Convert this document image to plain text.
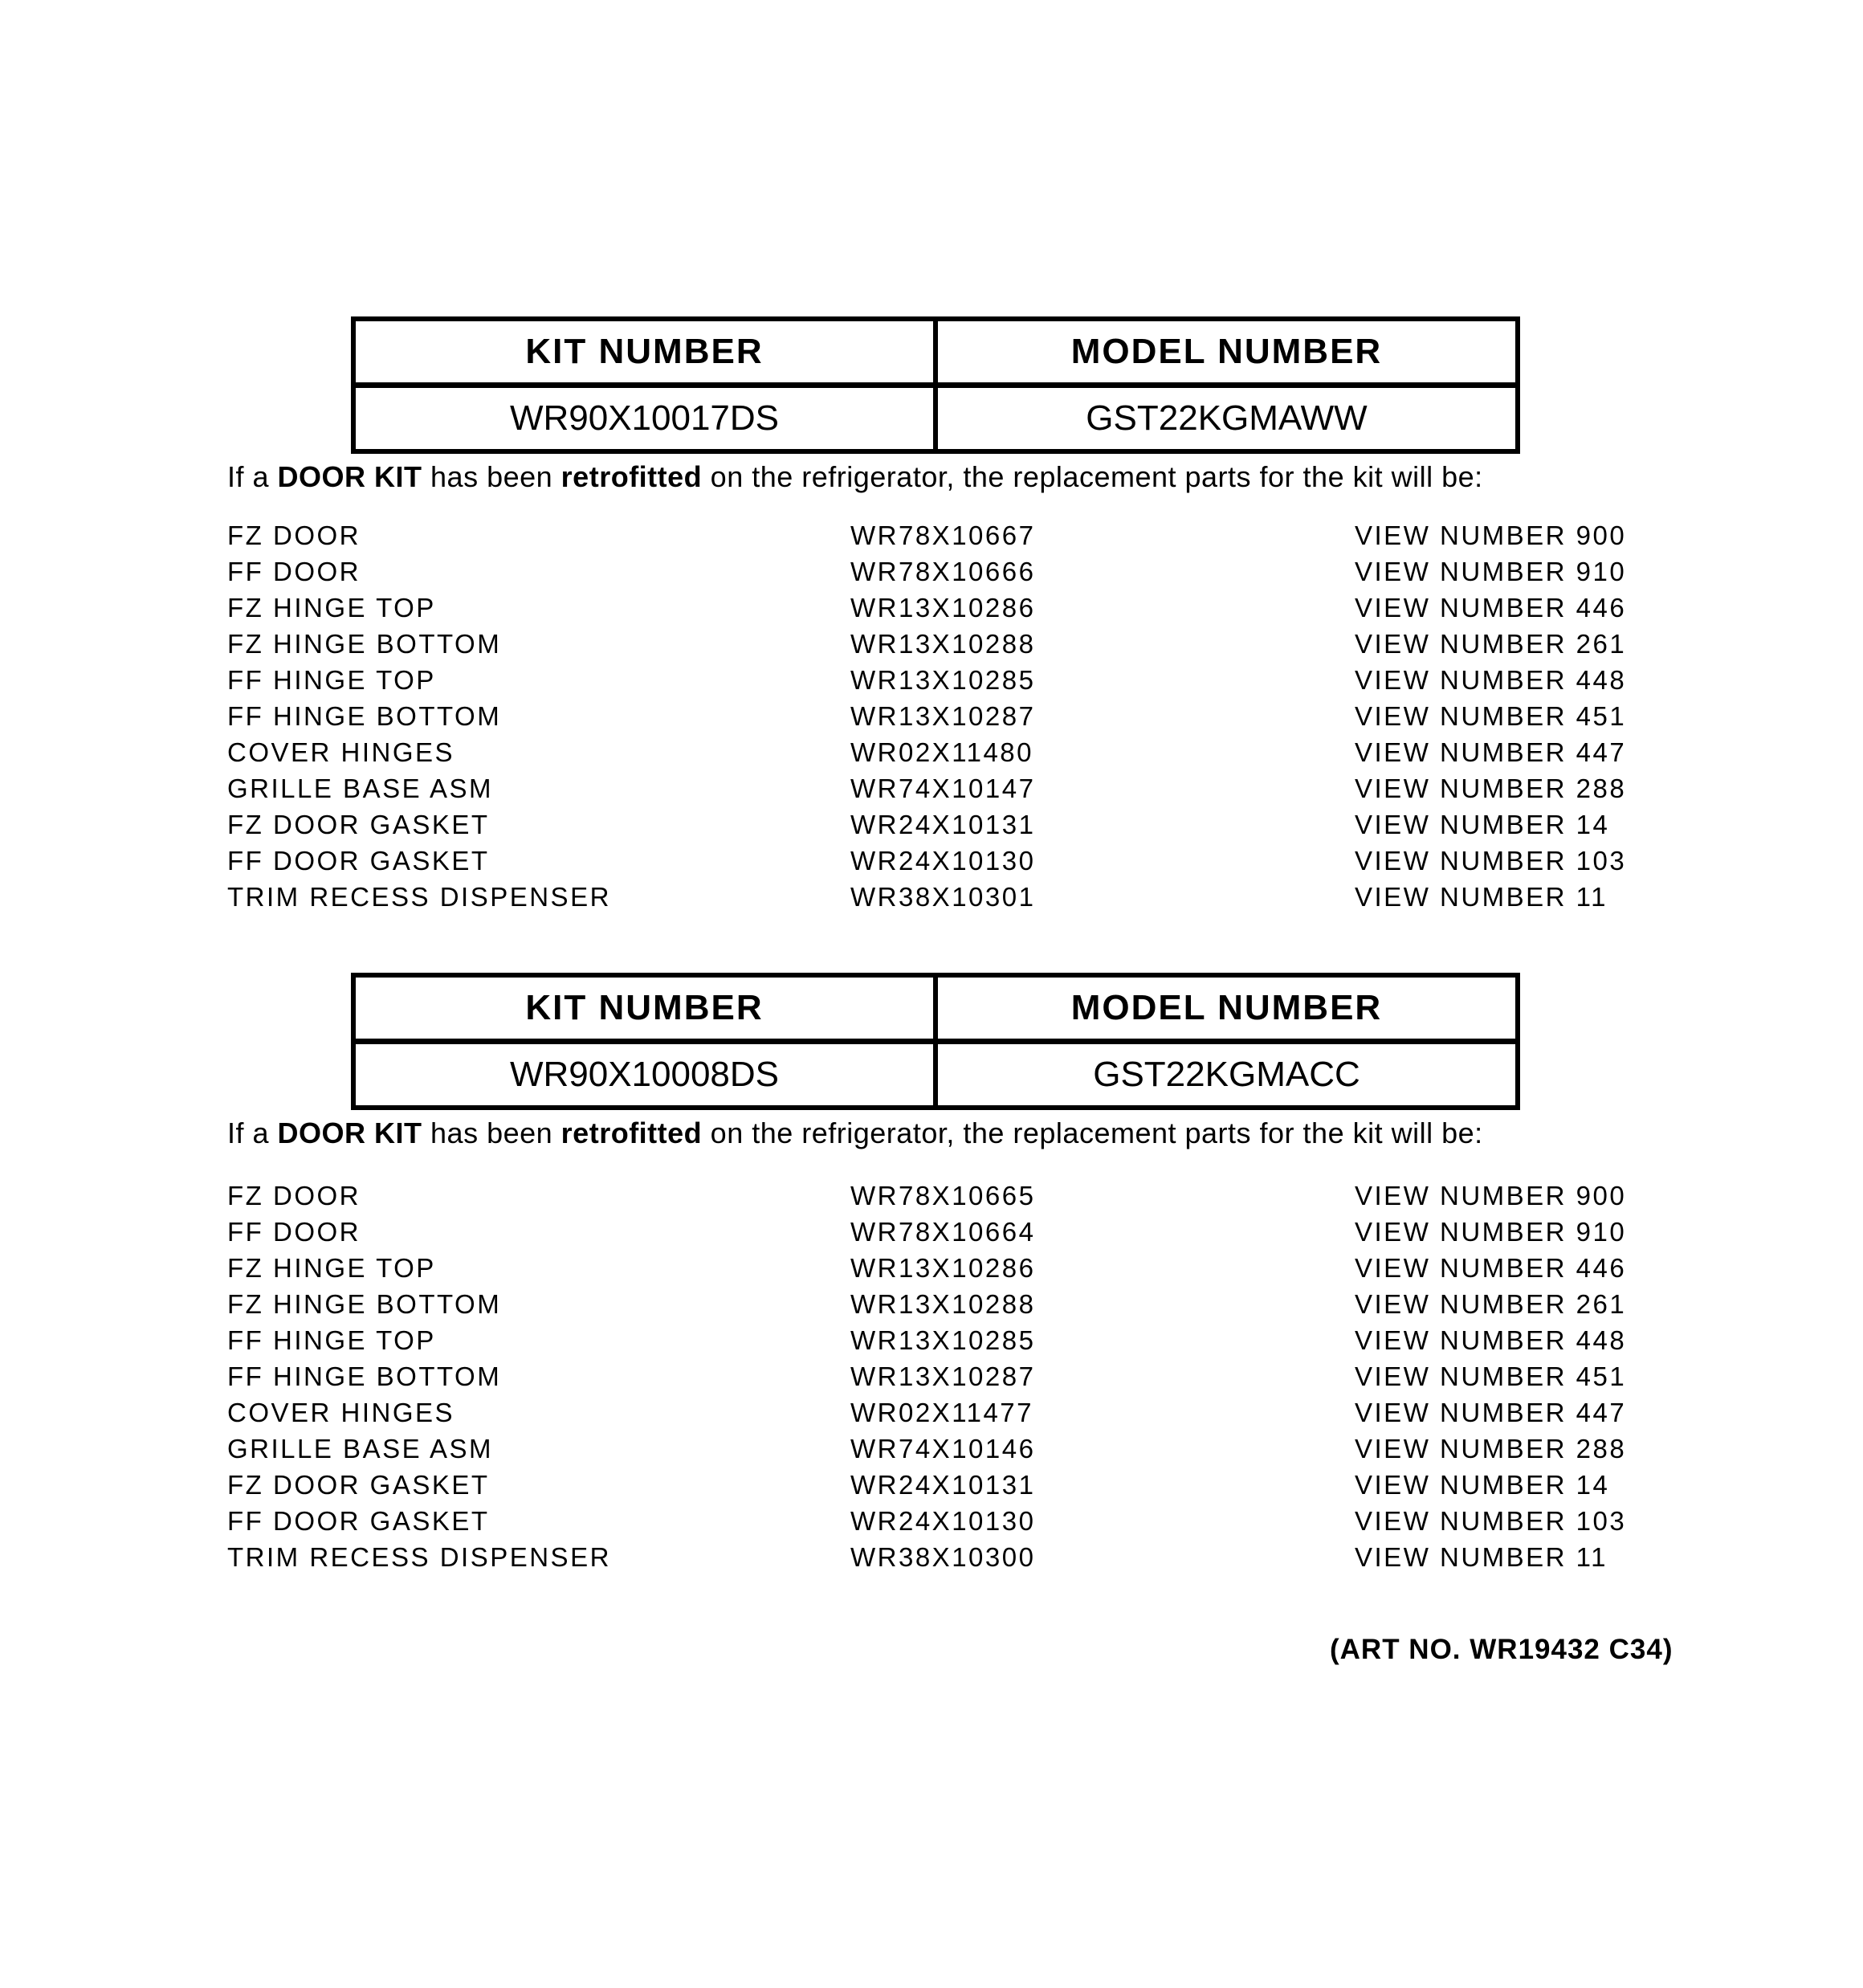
KIT NUMBER	MODEL NUMBER
WR90X10017DS	GST22KGMAWW
If a DOOR KIT has been retrofitted on the refrigerator, the replacement parts for the kit will be:
FZ DOOR	WR78X10667	VIEW NUMBER 900
FF DOOR	WR78X10666	VIEW NUMBER 910
FZ HINGE TOP	WR13X10286	VIEW NUMBER 446
FZ HINGE BOTTOM	WR13X10288	VIEW NUMBER 261
FF HINGE TOP	WR13X10285	VIEW NUMBER 448
FF HINGE BOTTOM	WR13X10287	VIEW NUMBER 451
COVER HINGES	WR02X11480	VIEW NUMBER 447
GRILLE BASE ASM	WR74X10147	VIEW NUMBER 288
FZ DOOR GASKET	WR24X10131	VIEW NUMBER 14
FF DOOR GASKET	WR24X10130	VIEW NUMBER 103
TRIM RECESS DISPENSER	WR38X10301	VIEW NUMBER 11
KIT NUMBER	MODEL NUMBER
WR90X10008DS	GST22KGMACC
If a DOOR KIT has been retrofitted on the refrigerator, the replacement parts for the kit will be:
FZ DOOR	WR78X10665	VIEW NUMBER 900
FF DOOR	WR78X10664	VIEW NUMBER 910
FZ HINGE TOP	WR13X10286	VIEW NUMBER 446
FZ HINGE BOTTOM	WR13X10288	VIEW NUMBER 261
FF HINGE TOP	WR13X10285	VIEW NUMBER 448
FF HINGE BOTTOM	WR13X10287	VIEW NUMBER 451
COVER HINGES	WR02X11477	VIEW NUMBER 447
GRILLE BASE ASM	WR74X10146	VIEW NUMBER 288
FZ DOOR GASKET	WR24X10131	VIEW NUMBER 14
FF DOOR GASKET	WR24X10130	VIEW NUMBER 103
TRIM RECESS DISPENSER	WR38X10300	VIEW NUMBER 11
(ART NO. WR19432 C34)
